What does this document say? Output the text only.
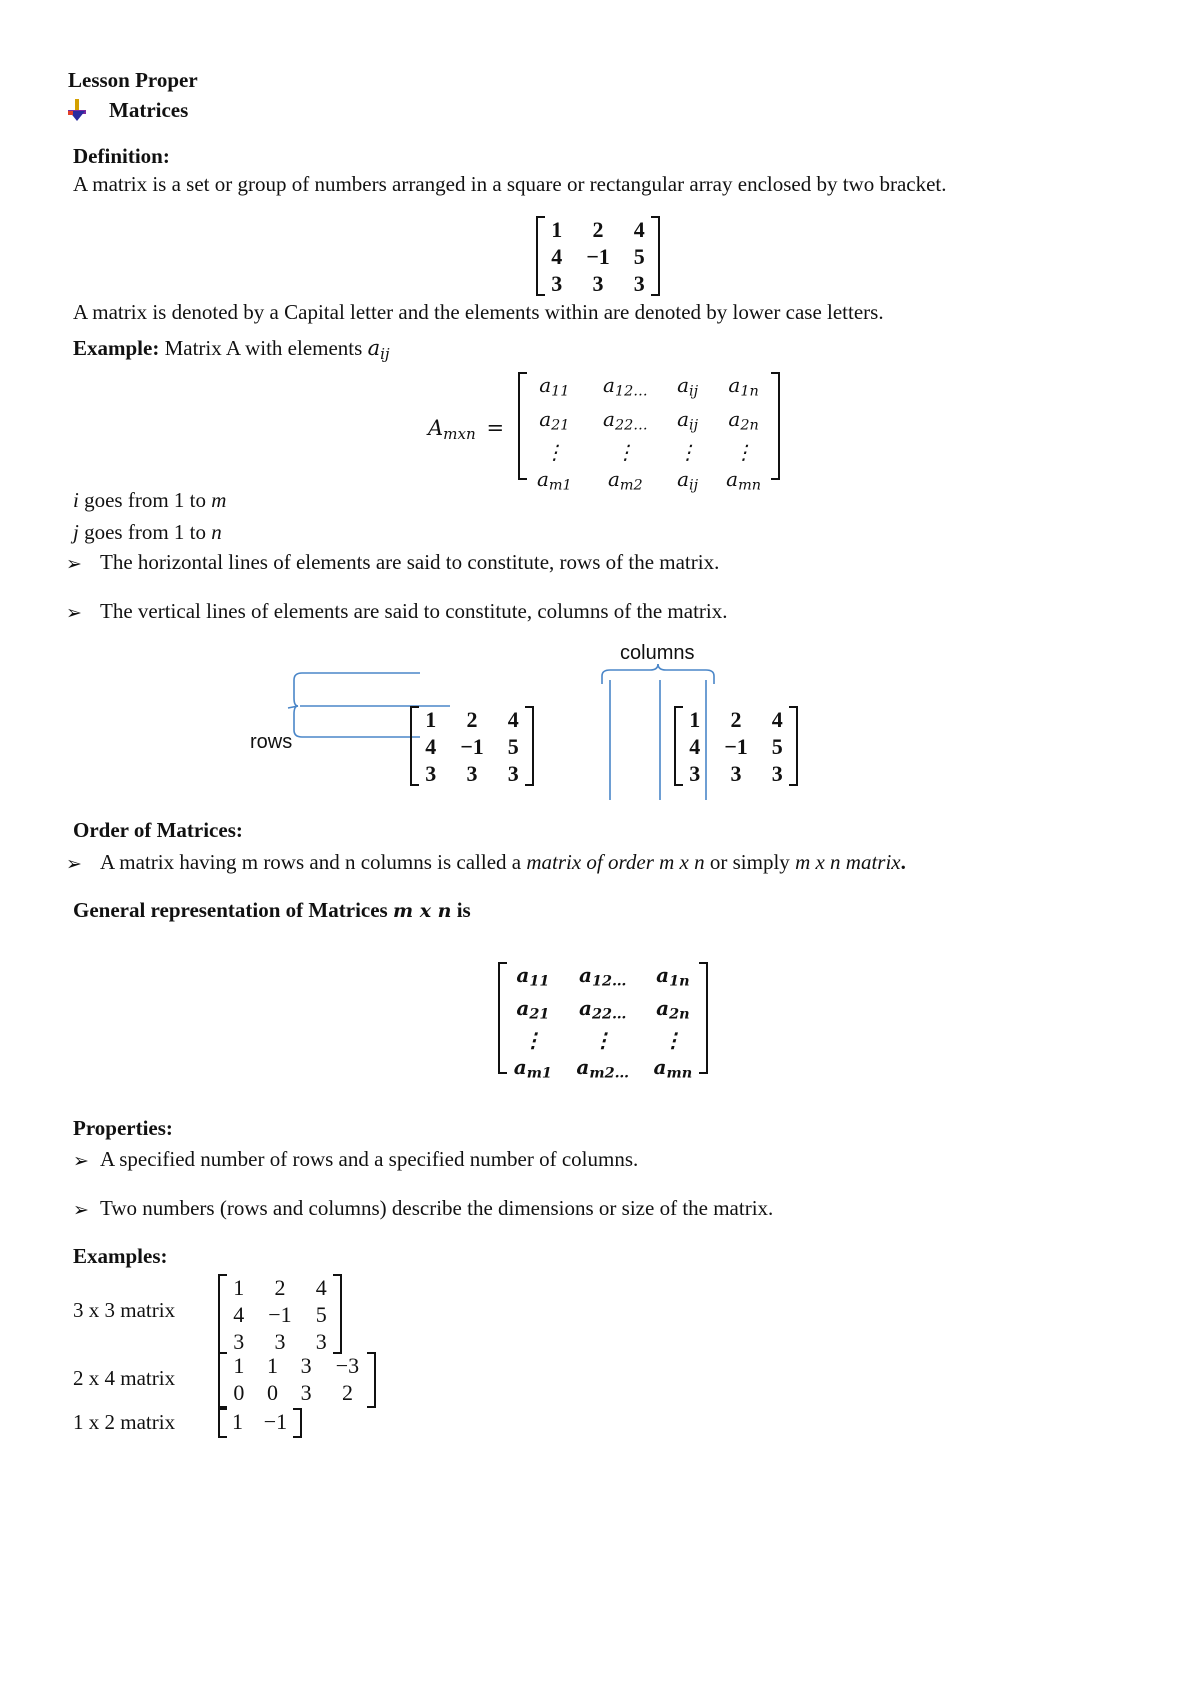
Lesson Proper
Matrices
Definition:
A matrix is a set or group of numbers arranged in a square or rectangular array enclosed by two bracket.
1	2	4
4	−1	5
3	3	3
A matrix is denoted by a Capital letter and the elements within are denoted by lower case letters.
Example: Matrix A with elements $a_{ij}$
$A_{mxn}$ =
$a_{11}$	$a_{12\dots}$	$a_{ij}$	$a_{1n}$
$a_{21}$	$a_{22\dots}$	$a_{ij}$	$a_{2n}$
⋮	⋮	⋮	⋮
$a_{m1}$	$a_{m2}$	$a_{ij}$	$a_{mn}$
i goes from 1 to m
j goes from 1 to n
➢ The horizontal lines of elements are said to constitute, rows of the matrix.
➢ The vertical lines of elements are said to constitute, columns of the matrix.
rows
columns
1	2	4
4	−1	5
3	3	3
1	2	4
4	−1	5
3	3	3
Order of Matrices:
➢ A matrix having m rows and n columns is called a matrix of order m x n or simply m x n matrix.
General representation of Matrices m x n is
$a_{11}$	$a_{12\dots}$	$a_{1n}$
$a_{21}$	$a_{22\dots}$	$a_{2n}$
⋮	⋮	⋮
$a_{m1}$	$a_{m2\dots}$	$a_{mn}$
Properties:
➢ A specified number of rows and a specified number of columns.
➢ Two numbers (rows and columns) describe the dimensions or size of the matrix.
Examples:
3 x 3 matrix
1	2	4
4	−1	5
3	3	3
2 x 4 matrix	1	1	3	−3
0	0	3	2
1 x 2 matrix	1	−1
